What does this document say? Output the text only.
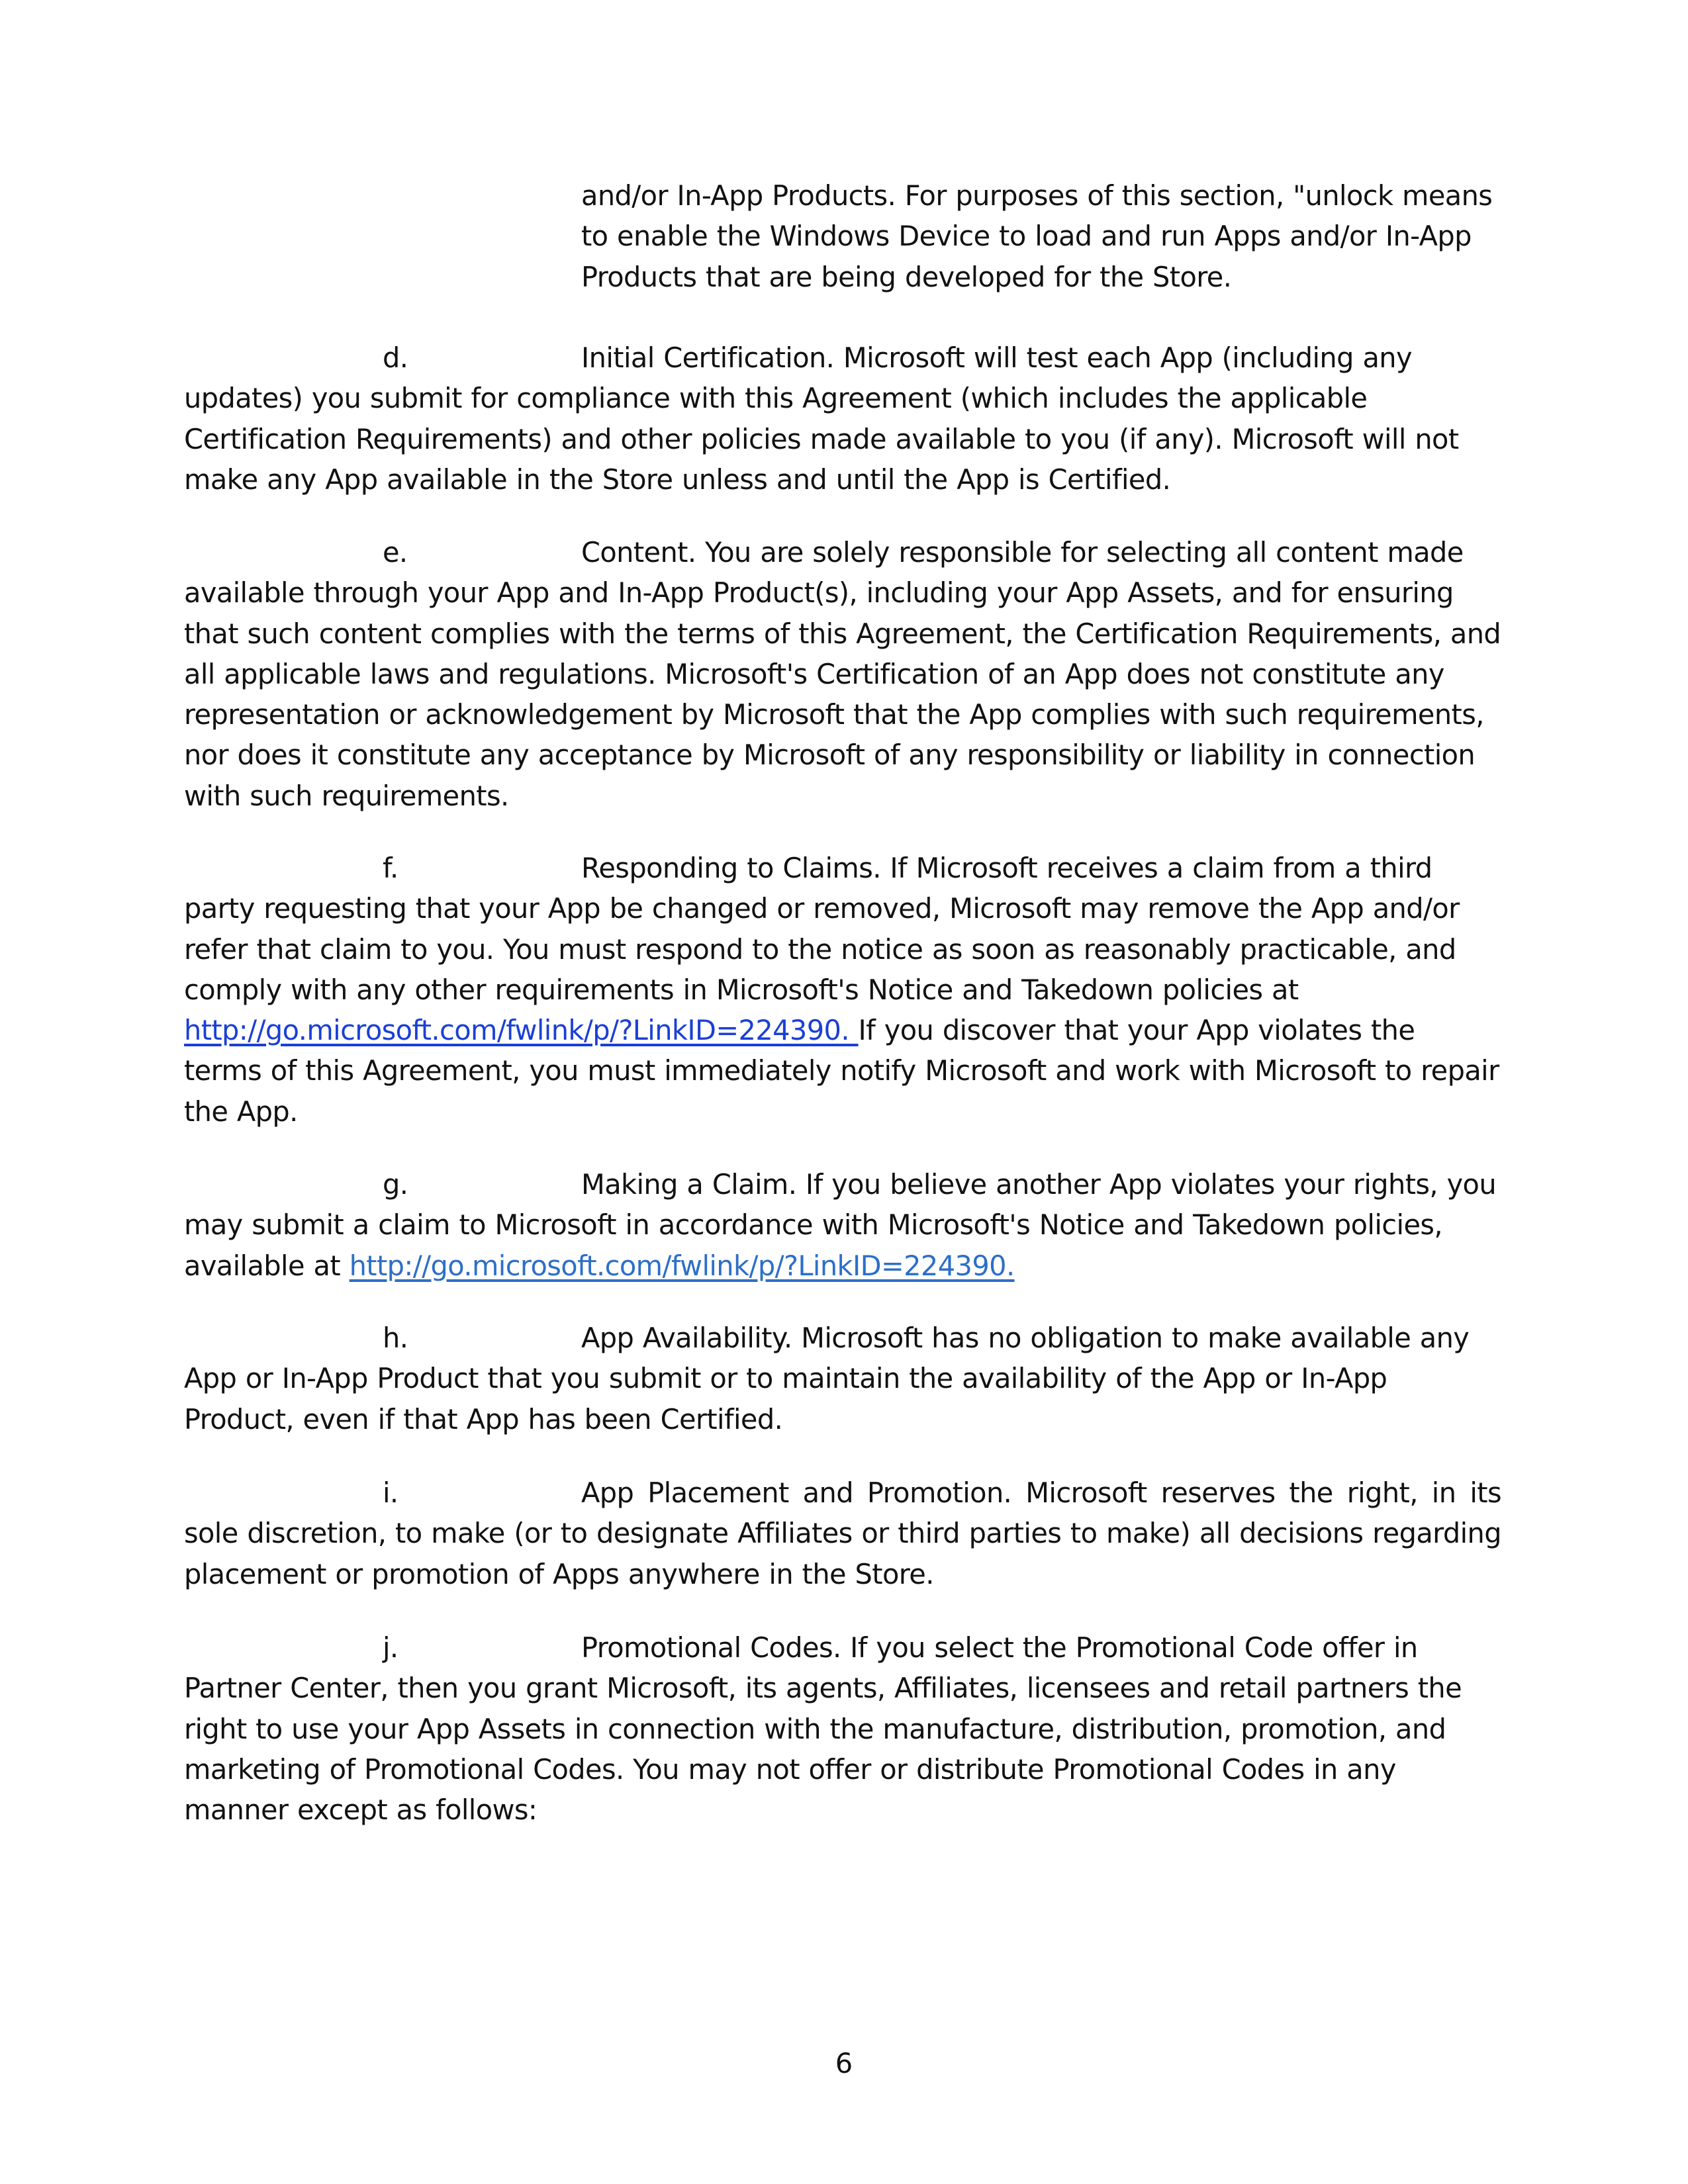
and/or In-App Products. For purposes of this section, "unlock means to enable the Windows Device to load and run Apps and/or In-App Products that are being developed for the Store.

d.	Initial Certification. Microsoft will test each App (including any updates) you submit for compliance with this Agreement (which includes the applicable Certification Requirements) and other policies made available to you (if any). Microsoft will not make any App available in the Store unless and until the App is Certified.

e.	Content. You are solely responsible for selecting all content made available through your App and In-App Product(s), including your App Assets, and for ensuring that such content complies with the terms of this Agreement, the Certification Requirements, and all applicable laws and regulations. Microsoft's Certification of an App does not constitute any representation or acknowledgement by Microsoft that the App complies with such requirements, nor does it constitute any acceptance by Microsoft of any responsibility or liability in connection with such requirements.

f.	Responding to Claims. If Microsoft receives a claim from a third party requesting that your App be changed or removed, Microsoft may remove the App and/or refer that claim to you. You must respond to the notice as soon as reasonably practicable, and comply with any other requirements in Microsoft's Notice and Takedown policies at http://go.microsoft.com/fwlink/p/?LinkID=224390. If you discover that your App violates the terms of this Agreement, you must immediately notify Microsoft and work with Microsoft to repair the App.

g.	Making a Claim. If you believe another App violates your rights, you may submit a claim to Microsoft in accordance with Microsoft's Notice and Takedown policies, available at http://go.microsoft.com/fwlink/p/?LinkID=224390.

h.	App Availability. Microsoft has no obligation to make available any App or In-App Product that you submit or to maintain the availability of the App or In-App Product, even if that App has been Certified.

i.	App Placement and Promotion. Microsoft reserves the right, in its sole discretion, to make (or to designate Affiliates or third parties to make) all decisions regarding placement or promotion of Apps anywhere in the Store.

j.	Promotional Codes. If you select the Promotional Code offer in Partner Center, then you grant Microsoft, its agents, Affiliates, licensees and retail partners the right to use your App Assets in connection with the manufacture, distribution, promotion, and marketing of Promotional Codes. You may not offer or distribute Promotional Codes in any manner except as follows:

6
